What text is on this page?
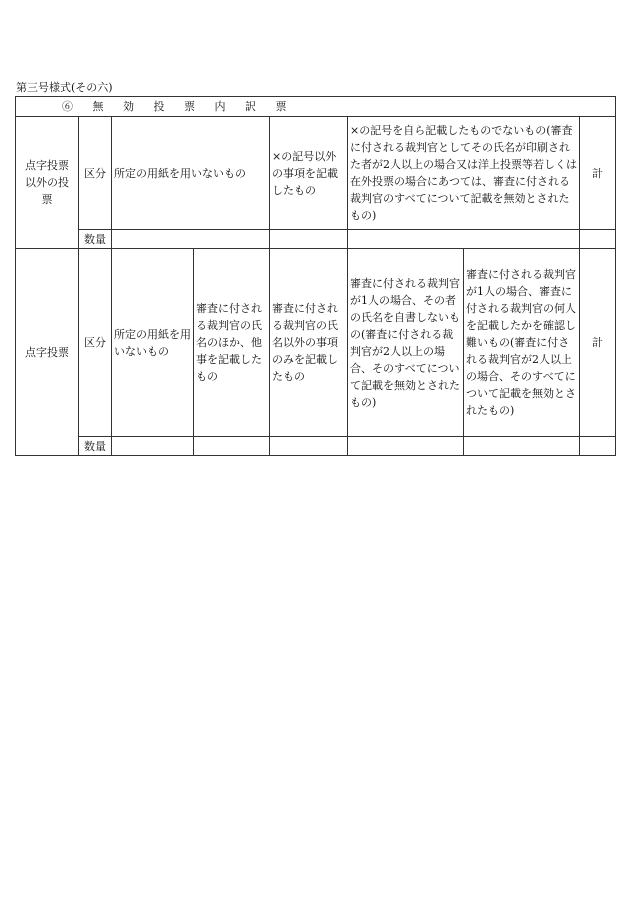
第三号様式(その六)
⑥ 無 効 投 票 内 訳 票							
点字投票以外の投票	区分	所定の用紙を用いないもの		×の記号以外の事項を記載したもの	×の記号を自ら記載したものでないもの(審査に付される裁判官としてその氏名が印刷された者が2人以上の場合又は洋上投票等若しくは在外投票の場合にあつては、審査に付される裁判官のすべてについて記載を無効とされたもの)		計
	数量						
点字投票	区分	所定の用紙を用いないもの	審査に付される裁判官の氏名のほか、他事を記載したもの	審査に付される裁判官の氏名以外の事項のみを記載したもの	審査に付される裁判官が1人の場合、その者の氏名を自書しないもの(審査に付される裁判官が2人以上の場合、そのすべてについて記載を無効とされたもの)	審査に付される裁判官が1人の場合、審査に付される裁判官の何人を記載したかを確認し難いもの(審査に付される裁判官が2人以上の場合、そのすべてについて記載を無効とされたもの)	計
	数量						
